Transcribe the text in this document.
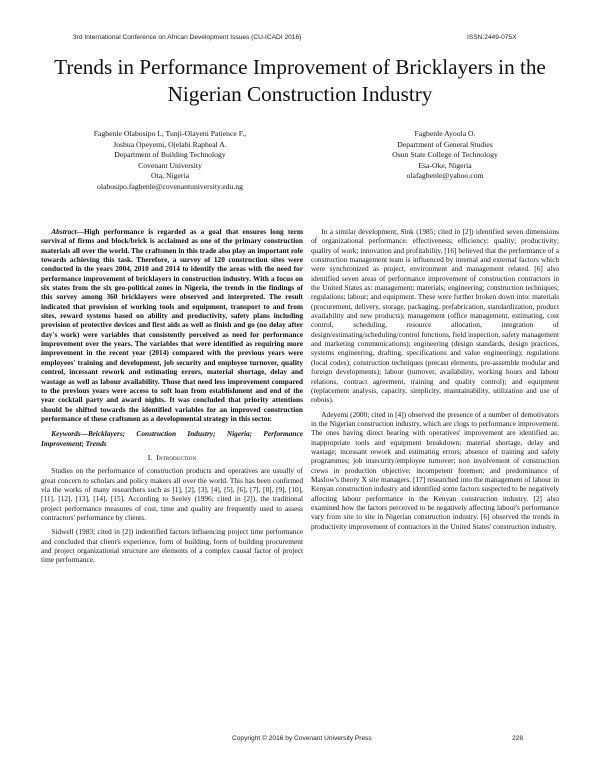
3rd International Conference on African Development Issues (CU-ICADI 2016)	ISSN:2449-075X
Trends in Performance Improvement of Bricklayers in the Nigerian Construction Industry
Fagbenle Olabosipo I., Tunji-Olayeni Patience F.,
Joshua Opeyemi, Ojelabi Rapheal A.
Department of Building Technology
Covenant University
Ota, Nigeria
olabosipo.fagbenle@covenantuniversity.edu.ng
Fagbenle Ayoola O.
Department of General Studies
Osun State College of Technology
Esa-Oke, Nigeria
olafagbenle@yahoo.com

Abstract—High performance is regarded as a goal that ensures long term survival of firms and block/brick is acclaimed as one of the primary construction materials all over the world. The craftsmen in this trade also play an important role towards achieving this task. Therefore, a survey of 120 construction sites were conducted in the years 2004, 2010 and 2014 to identify the areas with the need for performance improvement of bricklayers in construction industry. With a focus on six states from the six geo-political zones in Nigeria, the trends in the findings of this survey among 360 bricklayers were observed and interpreted. The result indicated that provision of working tools and equipment, transport to and from sites, reward systems based on ability and productivity, safety plans including provision of protective devices and first aids as well as finish and go (no delay after day's work) were variables that consistently perceived as need for performance improvement over the years. The variables that were identified as requiring more improvement in the recent year (2014) compared with the previous years were employees' training and development, job security and employee turnover, quality control, incessant rework and estimating errors, material shortage, delay and wastage as well as labour availability. Those that need less improvement compared to the previous years were access to soft loan from establishment and end of the year cocktail party and award nights. It was concluded that priority attentions should be shifted towards the identified variables for an improved construction performance of these craftsmen as a developmental strategy in this sector.

Keywords—Bricklayers; Construction Industry; Nigeria; Performance Improvement; Trends

I. Introduction

Studies on the performance of construction products and operatives are usually of great concern to scholars and policy makers all over the world. This has been confirmed via the works of many researchers such as [1], [2], [3], [4], [5], [6], [7], [8], [9], [10], [11], [12], [13], [14], [15]. According to Seeley (1996; cited in [2]), the traditional project performance measures of cost, time and quality are frequently used to assess contractors' performance by clients.

Sidwell (1983; cited in [2]) indentified factors influencing project time performance and concluded that client's experience, form of building, form of building procurement and project organizational structure are elements of a complex causal factor of project time performance.

In a similar development, Sink (1985; cited in [2]) identified seven dimensions of organizational performance: effectiveness; efficiency; quality; productivity; quality of work; innovation and profitability. [16] believed that the performance of a construction management team is influenced by internal and external factors which were synchronized as project, environment and management related. [6] also identified seven areas of performance improvement of construction contractors in the United States as: management; materials; engineering; construction techniques; regulations; labour; and equipment. These were further broken down into: materials (procurement, delivery, storage, packaging, prefabrication, standardization, product availability and new products); management (office management, estimating, cost control, scheduling, resource allocation, integration of design/estimating/scheduling/control functions, field inspection, safety management and marketing communications); engineering (design standards, design practices, systems engineering, drafting, specifications and value engineering); regulations (local codes); construction techniques (precast elements, pre-assemble modular and foreign developments); labour (turnover, availability, working hours and labour relations, contract agreement, training and quality control); and equipment (replacement analysis, capacity, simplicity, maintainability, utilization and use of robots).

Adeyemi (2000; cited in [4]) observed the presence of a number of demotivators in the Nigerian construction industry, which are clogs to performance improvement. The ones having direct bearing with operatives' improvement are identified as: inappropriate tools and equipment breakdown; material shortage, delay and wastage; incessant rework and estimating errors; absence of training and safety programmes; job insecurity/employee turnover; non involvement of construction crews in production objective; incompetent foremen; and predominance of Maslow's theory X site managers. [17] researched into the management of labour in Kenyan construction industry and identified some factors suspected to be negatively affecting labour performance in the Kenyan construction industry. [2] also examined how the factors perceived to be negatively affecting labour's performance vary from site to site in Nigerian construction industry. [6] observed the trends in productivity improvement of contractors in the United States' construction industry.

Copyright © 2016 by Covenant University Press	228
